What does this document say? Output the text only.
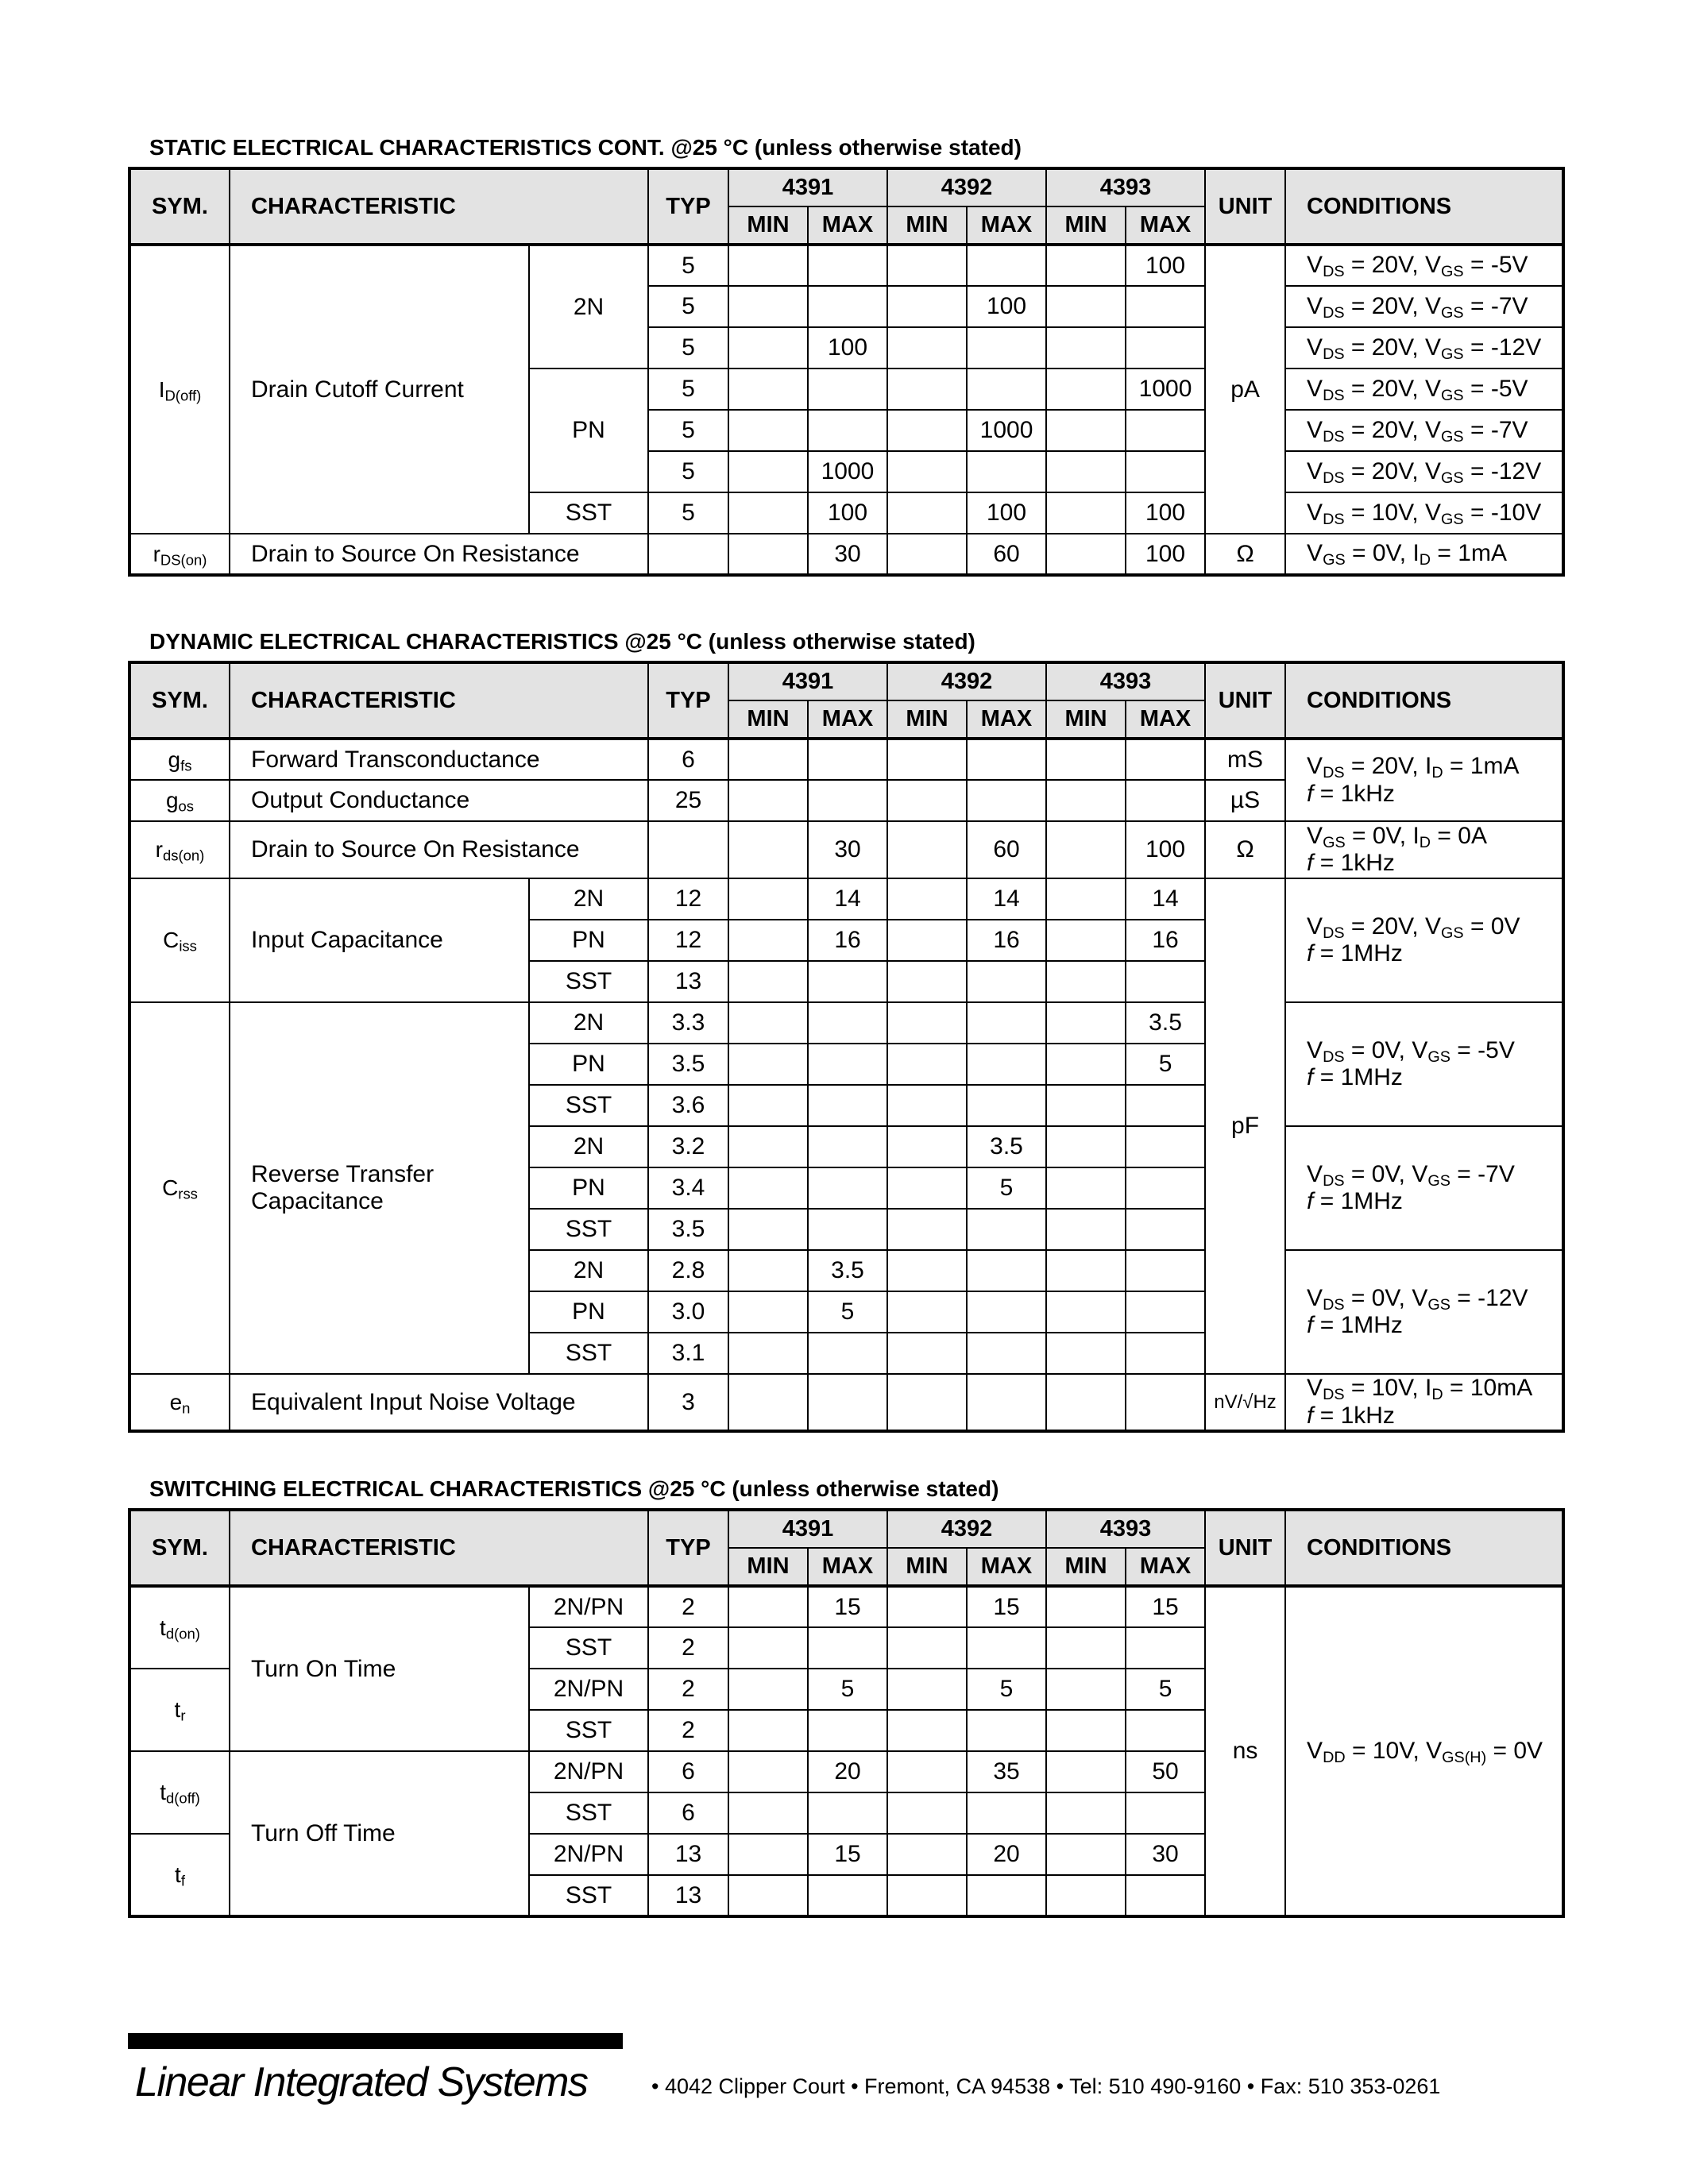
STATIC ELECTRICAL CHARACTERISTICS CONT. @25 °C (unless otherwise stated)
SYM.	CHARACTERISTIC		TYP	4391		4392		4393		UNIT	CONDITIONS
				MIN	MAX	MIN	MAX	MIN	MAX		
$I_{D(off)}$	Drain Cutoff Current	2N	5						100	pA	$V_{DS} = 20V$, $V_{GS} = -5V$
			5				100				$V_{DS} = 20V$, $V_{GS} = -7V$
			5		100						$V_{DS} = 20V$, $V_{GS} = -12V$
		PN	5						1000		$V_{DS} = 20V$, $V_{GS} = -5V$
			5				1000				$V_{DS} = 20V$, $V_{GS} = -7V$
			5		1000						$V_{DS} = 20V$, $V_{GS} = -12V$
		SST	5		100		100		100		$V_{DS} = 10V$, $V_{GS} = -10V$
$r_{DS(on)}$	Drain to Source On Resistance				30		60		100	Ω	$V_{GS} = 0V$, $I_D = 1mA$
DYNAMIC ELECTRICAL CHARACTERISTICS @25 °C (unless otherwise stated)
SYM.	CHARACTERISTIC		TYP	4391		4392		4393		UNIT	CONDITIONS
				MIN	MAX	MIN	MAX	MIN	MAX		
$g_{fs}$	Forward Transconductance		6							mS	$V_{DS} = 20V$, $I_D = 1mA$
f = 1kHz
$g_{os}$	Output Conductance		25							µS	
$r_{ds(on)}$	Drain to Source On Resistance				30		60		100	Ω	$V_{GS} = 0V$, $I_D = 0A$
f = 1kHz
$C_{iss}$	Input Capacitance	2N	12		14		14		14	pF	$V_{DS} = 20V$, $V_{GS} = 0V$
f = 1MHz
		PN	12		16		16		16		
		SST	13								
$C_{rss}$	Reverse Transfer
Capacitance	2N	3.3						3.5		$V_{DS} = 0V$, $V_{GS} = -5V$
f = 1MHz
		PN	3.5						5		
		SST	3.6								
		2N	3.2				3.5				$V_{DS} = 0V$, $V_{GS} = -7V$
f = 1MHz
		PN	3.4				5				
		SST	3.5								
		2N	2.8		3.5						$V_{DS} = 0V$, $V_{GS} = -12V$
f = 1MHz
		PN	3.0		5						
		SST	3.1								
$e_n$	Equivalent Input Noise Voltage		3							nV/√Hz	$V_{DS} = 10V$, $I_D = 10mA$
f = 1kHz
SWITCHING ELECTRICAL CHARACTERISTICS @25 °C (unless otherwise stated)
SYM.	CHARACTERISTIC		TYP	4391		4392		4393		UNIT	CONDITIONS
				MIN	MAX	MIN	MAX	MIN	MAX		
$t_{d(on)}$	Turn On Time	2N/PN	2		15		15		15	ns	$V_{DD} = 10V$, $V_{GS(H)} = 0V$
		SST	2								
$t_r$		2N/PN	2		5		5		5		
		SST	2								
$t_{d(off)}$	Turn Off Time	2N/PN	6		20		35		50		
		SST	6								
$t_f$		2N/PN	13		15		20		30		
		SST	13								
Linear Integrated Systems	• 4042 Clipper Court • Fremont, CA 94538 • Tel: 510 490-9160 • Fax: 510 353-0261
